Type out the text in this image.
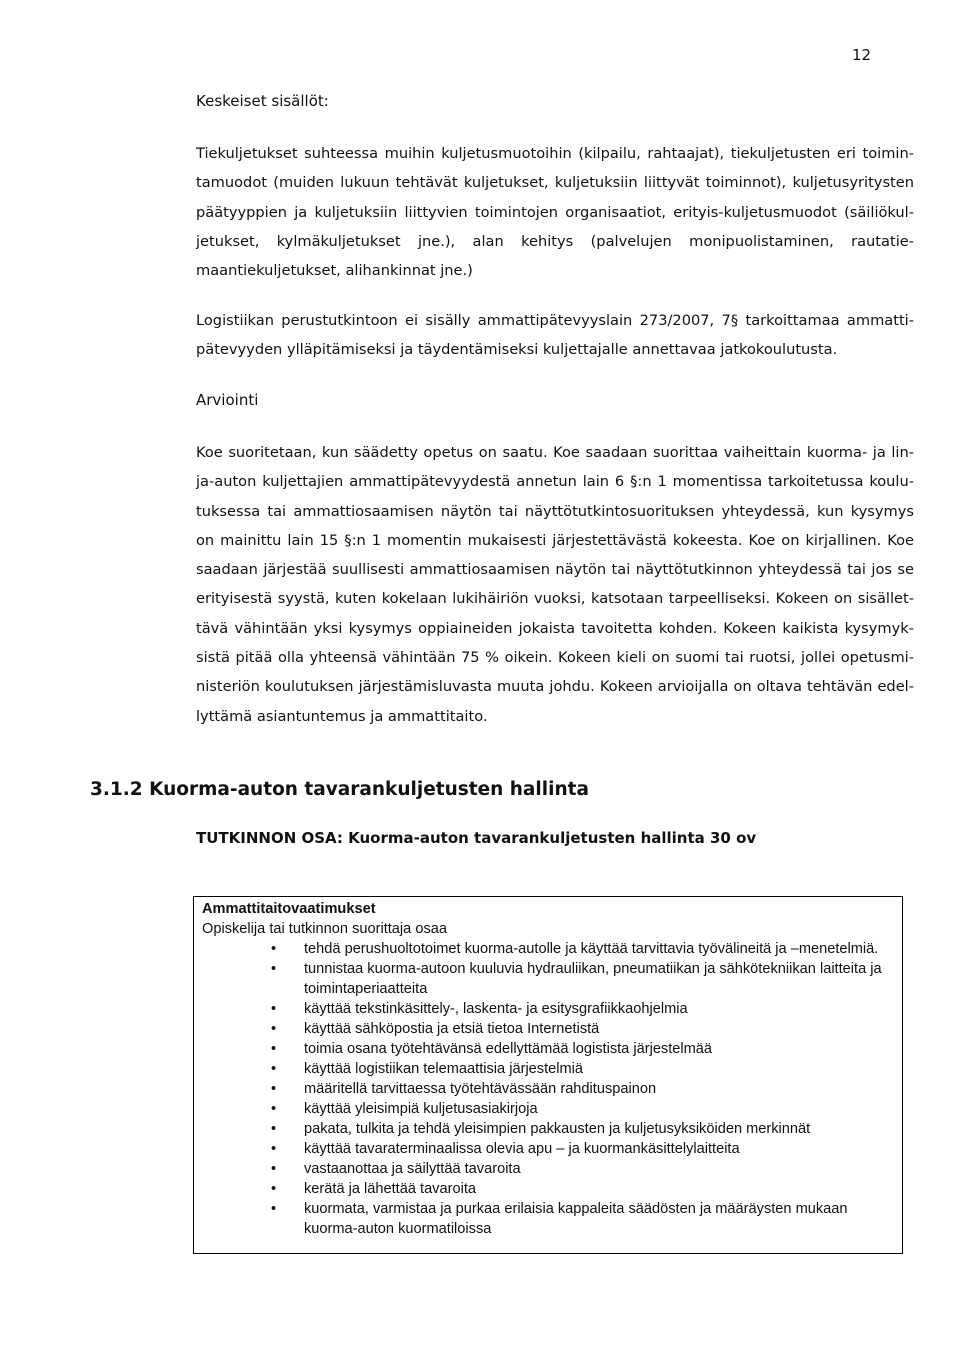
12
Keskeiset sisällöt:
Tiekuljetukset suhteessa muihin kuljetusmuotoihin (kilpailu, rahtaajat), tiekuljetusten eri toimin-
tamuodot (muiden lukuun tehtävät kuljetukset, kuljetuksiin liittyvät toiminnot), kuljetusyritysten
päätyyppien ja kuljetuksiin liittyvien toimintojen organisaatiot, erityis-kuljetusmuodot (säiliökul-
jetukset, kylmäkuljetukset jne.), alan kehitys (palvelujen monipuolistaminen, rautatie-
maantiekuljetukset, alihankinnat jne.)
Logistiikan perustutkintoon ei sisälly ammattipätevyyslain 273/2007, 7§ tarkoittamaa ammatti-
pätevyyden ylläpitämiseksi ja täydentämiseksi kuljettajalle annettavaa jatkokoulutusta.
Arviointi
Koe suoritetaan, kun säädetty opetus on saatu. Koe saadaan suorittaa vaiheittain kuorma- ja lin-
ja-auton kuljettajien ammattipätevyydestä annetun lain 6 §:n 1 momentissa tarkoitetussa koulu-
tuksessa tai ammattiosaamisen näytön tai näyttötutkintosuorituksen yhteydessä, kun kysymys
on mainittu lain 15 §:n 1 momentin mukaisesti järjestettävästä kokeesta. Koe on kirjallinen. Koe
saadaan järjestää suullisesti ammattiosaamisen näytön tai näyttötutkinnon yhteydessä tai jos se
erityisestä syystä, kuten kokelaan lukihäiriön vuoksi, katsotaan tarpeelliseksi. Kokeen on sisället-
tävä vähintään yksi kysymys oppiaineiden jokaista tavoitetta kohden. Kokeen kaikista kysymyk-
sistä pitää olla yhteensä vähintään 75 % oikein. Kokeen kieli on suomi tai ruotsi, jollei opetusmi-
nisteriön koulutuksen järjestämisluvasta muuta johdu. Kokeen arvioijalla on oltava tehtävän edel-
lyttämä asiantuntemus ja ammattitaito.
3.1.2 Kuorma-auton tavarankuljetusten hallinta
TUTKINNON OSA: Kuorma-auton tavarankuljetusten hallinta 30 ov
Ammattitaitovaatimukset
Opiskelija tai tutkinnon suorittaja osaa
• tehdä perushuoltotoimet kuorma-autolle ja käyttää tarvittavia työvälineitä ja –menetelmiä.
• tunnistaa kuorma-autoon kuuluvia hydrauliikan, pneumatiikan ja sähkötekniikan laitteita ja toimintaperiaatteita
• käyttää tekstinkäsittely-, laskenta- ja esitysgrafiikkaohjelmia
• käyttää sähköpostia ja etsiä tietoa Internetistä
• toimia osana työtehtävänsä edellyttämää logistista järjestelmää
• käyttää logistiikan telemaattisia järjestelmiä
• määritellä tarvittaessa työtehtävässään rahdituspainon
• käyttää yleisimpiä kuljetusasiakirjoja
• pakata, tulkita ja tehdä yleisimpien pakkausten ja kuljetusyksiköiden merkinnät
• käyttää tavaraterminaalissa olevia apu – ja kuormankäsittelylaitteita
• vastaanottaa ja säilyttää tavaroita
• kerätä ja lähettää tavaroita
• kuormata, varmistaa ja purkaa erilaisia kappaleita säädösten ja määräysten mukaan kuorma-auton kuormatiloissa
